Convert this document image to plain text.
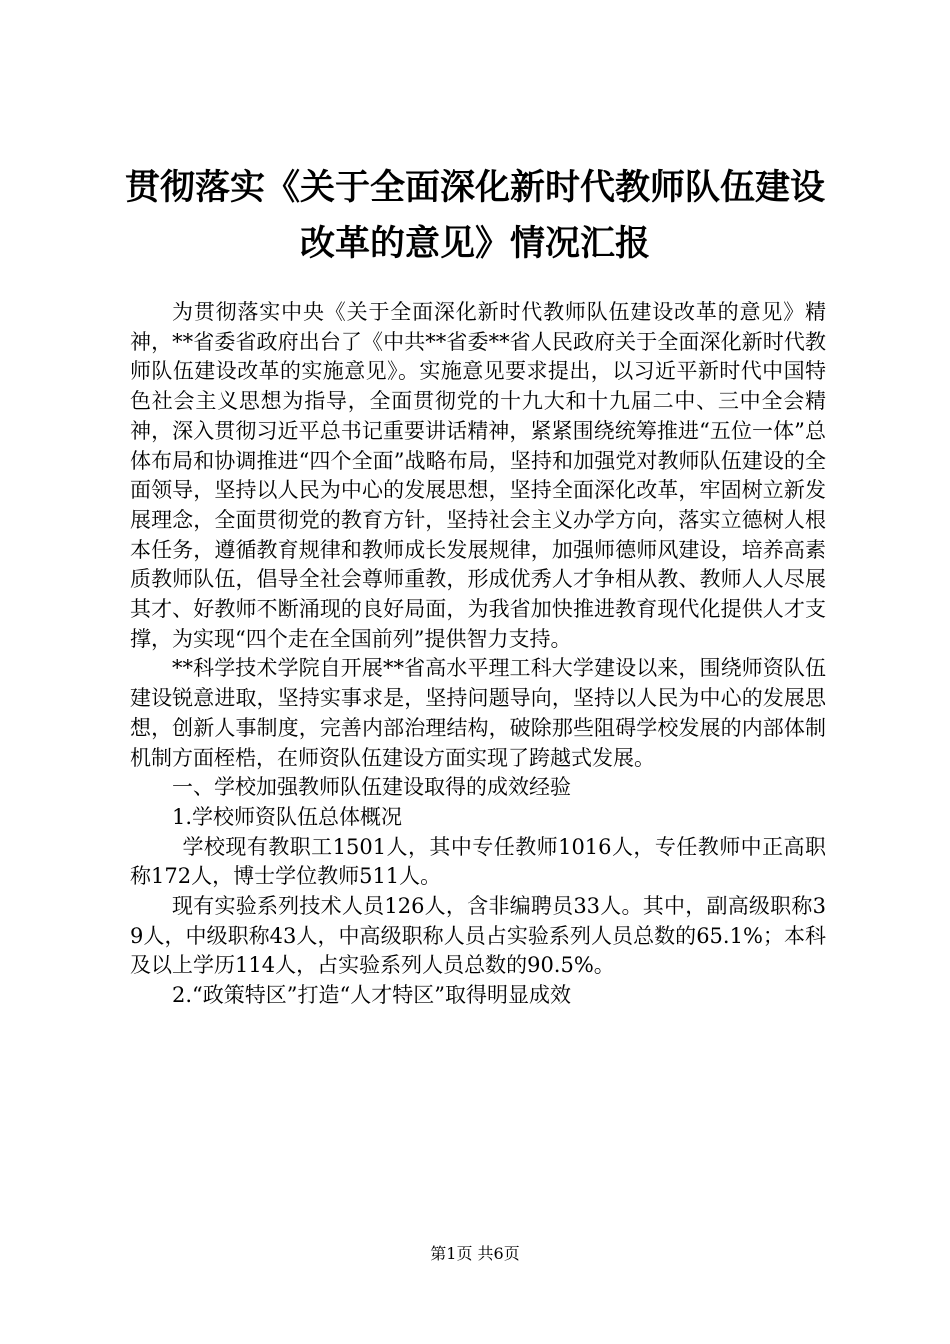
贯彻落实《关于全面深化新时代教师队伍建设
改革的意见》情况汇报

为贯彻落实中央《关于全面深化新时代教师队伍建设改革的意见》精神，**省委省政府出台了《中共**省委**省人民政府关于全面深化新时代教师队伍建设改革的实施意见》。实施意见要求提出，以习近平新时代中国特色社会主义思想为指导，全面贯彻党的十九大和十九届二中、三中全会精神，深入贯彻习近平总书记重要讲话精神，紧紧围绕统筹推进“五位一体”总体布局和协调推进“四个全面”战略布局，坚持和加强党对教师队伍建设的全面领导，坚持以人民为中心的发展思想，坚持全面深化改革，牢固树立新发展理念，全面贯彻党的教育方针，坚持社会主义办学方向，落实立德树人根本任务，遵循教育规律和教师成长发展规律，加强师德师风建设，培养高素质教师队伍，倡导全社会尊师重教，形成优秀人才争相从教、教师人人尽展其才、好教师不断涌现的良好局面，为我省加快推进教育现代化提供人才支撑，为实现“四个走在全国前列”提供智力支持。

**科学技术学院自开展**省高水平理工科大学建设以来，围绕师资队伍建设锐意进取，坚持实事求是，坚持问题导向，坚持以人民为中心的发展思想，创新人事制度，完善内部治理结构，破除那些阻碍学校发展的内部体制机制方面桎梏，在师资队伍建设方面实现了跨越式发展。

一、学校加强教师队伍建设取得的成效经验

1.学校师资队伍总体概况

学校现有教职工1501人，其中专任教师1016人，专任教师中正高职称172人，博士学位教师511人。

现有实验系列技术人员126人，含非编聘员33人。其中，副高级职称39人，中级职称43人，中高级职称人员占实验系列人员总数的65.1%；本科及以上学历114人，占实验系列人员总数的90.5%。

2.“政策特区”打造“人才特区”取得明显成效

第1页 共6页
